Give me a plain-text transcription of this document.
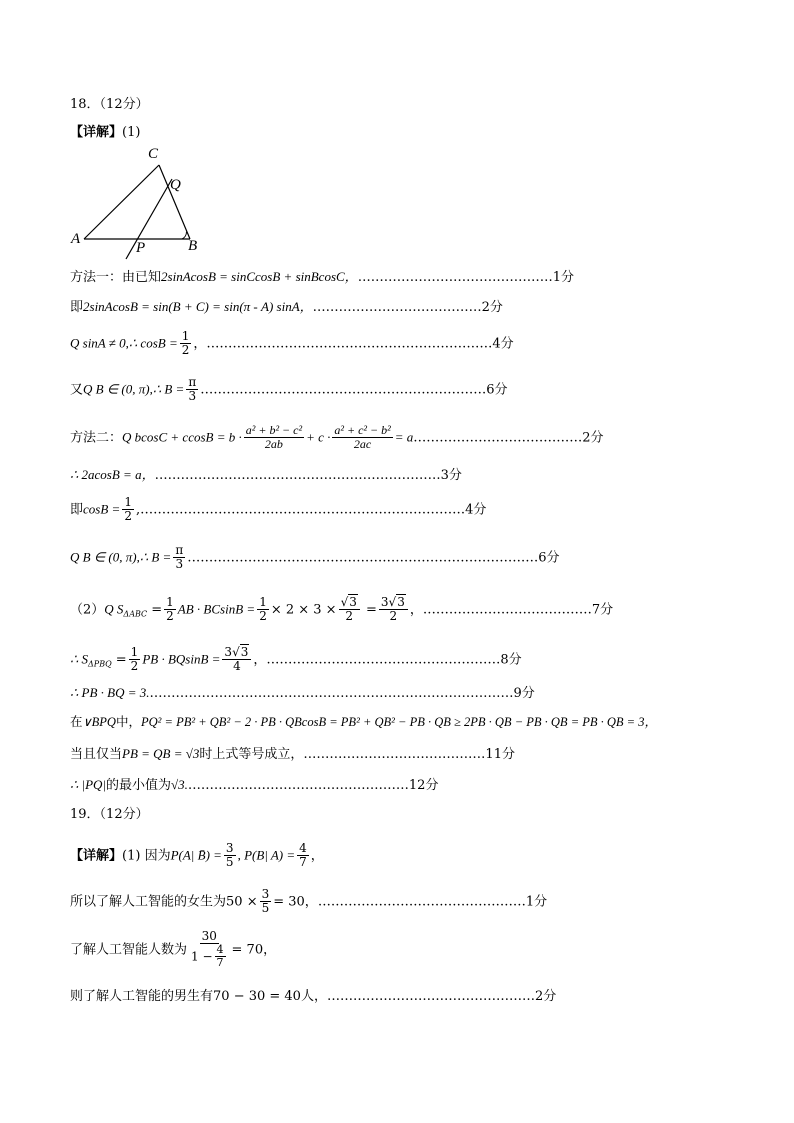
18．（12分）
【详解】(1)
C
Q
A
P	B
方法一：由已知2sinAcosB = sinCcosB + sinBcosC，………………………………………1分
即2sinAcosB = sin(B + C) = sin(π - A) sinA，…………………………………2分
Q sinA ≠ 0,∴ $\cos B = \frac{1}{2}$ ，…………………………………………………………4分
又Q B ∈ (0, π),∴ $B = \frac{\pi}{3}$ …………………………………………………………6分
方法二：Q $bcosC + ccosB = b \cdot \frac{\text{a² + b² − c²}}{2ab} + c \cdot \frac{\text{a² + c² − b²}}{2ac}$ = a…………………………………2分
∴ 2acosB = a，…………………………………………………………3分
即$\cos B = \frac{1}{2}$ ,…………………………………………………………………4分
Q B ∈ (0, π),∴ $B = \frac{\pi}{3}$ ………………………………………………………………………6分
（2）Q $S_{\Delta ABC} = \frac{1}{2}$ AB · $BCsinB = \frac{1}{2} \times 2 \times 3 \times \frac{√3}{2} = \frac{3√3}{2}$ ，…………………………………7分
∴ $S_{\Delta PBQ} = \frac{1}{2}$ PB · $BQsinB = \frac{3√3}{4}$ ，………………………………………………8分
∴ PB · BQ = 3.…………………………………………………………………………9分
在∨BPQ中，PQ² = PB² + QB² − 2 · PB · QBcosB = PB² + QB² − PB · QB ≥ 2PB · QB − PB · QB = PB · QB = 3，
当且仅当PB = QB = √3时上式等号成立，……………………………………11分
∴ |PQ|的最小值为√3.……………………………………………12分
19．（12分）
【详解】(1) 因为P(A| B̄) = $\frac{3}{5}$ , P(B| $A) = \frac{4}{7}$ ，
所以了解人工智能的女生为$50 \times \frac{3}{5} = 30$，…………………………………………1分
了解人工智能人数为 $\frac{30}{1 - \frac{4}{7}} = 70$，
则了解人工智能的男生有70 − 30 = 40人，…………………………………………2分
